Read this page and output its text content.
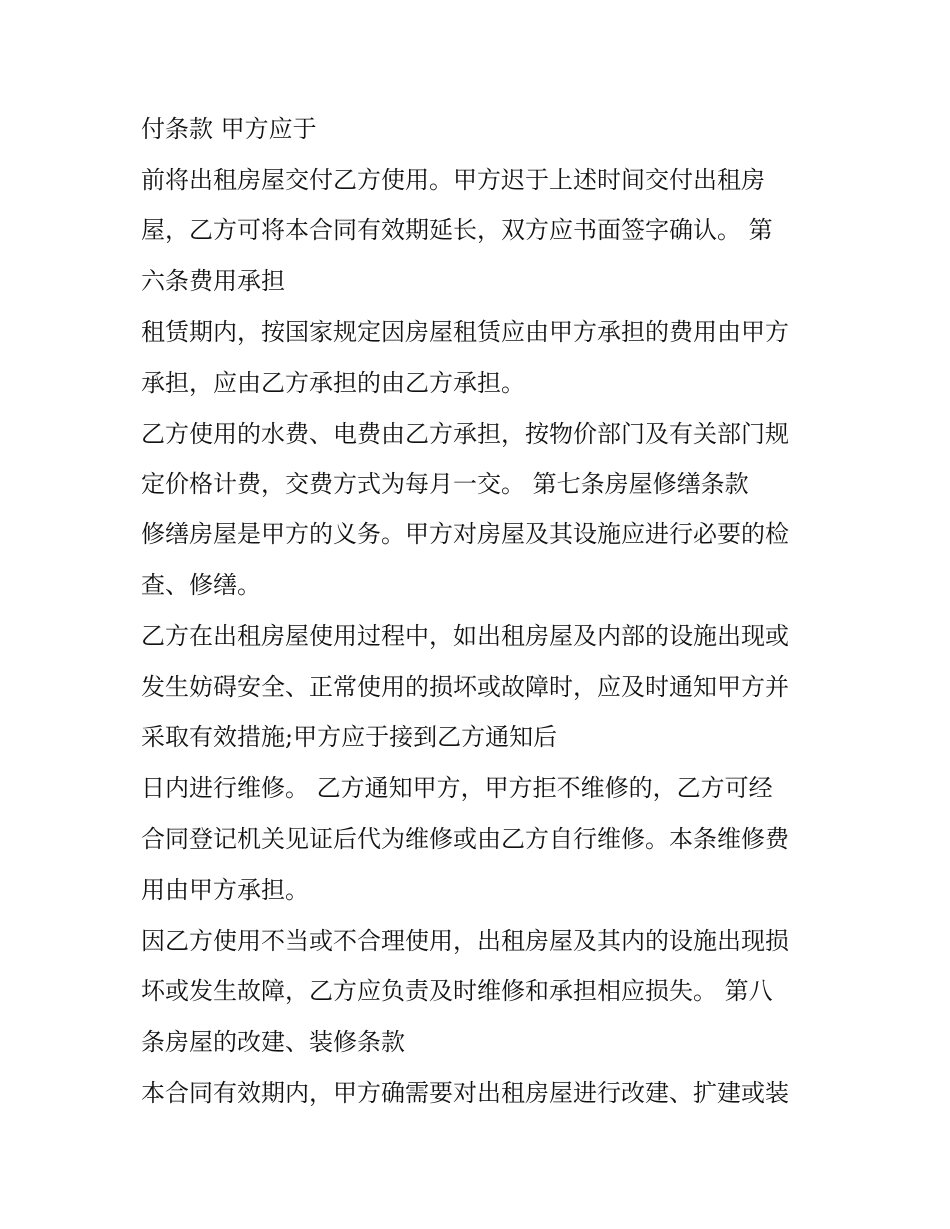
付条款 甲方应于
前将出租房屋交付乙方使用。甲方迟于上述时间交付出租房
屋，乙方可将本合同有效期延长，双方应书面签字确认。 第
六条费用承担
租赁期内，按国家规定因房屋租赁应由甲方承担的费用由甲方
承担，应由乙方承担的由乙方承担。
乙方使用的水费、电费由乙方承担，按物价部门及有关部门规
定价格计费，交费方式为每月一交。 第七条房屋修缮条款
修缮房屋是甲方的义务。甲方对房屋及其设施应进行必要的检
查、修缮。
乙方在出租房屋使用过程中，如出租房屋及内部的设施出现或
发生妨碍安全、正常使用的损坏或故障时，应及时通知甲方并
采取有效措施;甲方应于接到乙方通知后
日内进行维修。 乙方通知甲方，甲方拒不维修的，乙方可经
合同登记机关见证后代为维修或由乙方自行维修。本条维修费
用由甲方承担。
因乙方使用不当或不合理使用，出租房屋及其内的设施出现损
坏或发生故障，乙方应负责及时维修和承担相应损失。 第八
条房屋的改建、装修条款
本合同有效期内，甲方确需要对出租房屋进行改建、扩建或装
